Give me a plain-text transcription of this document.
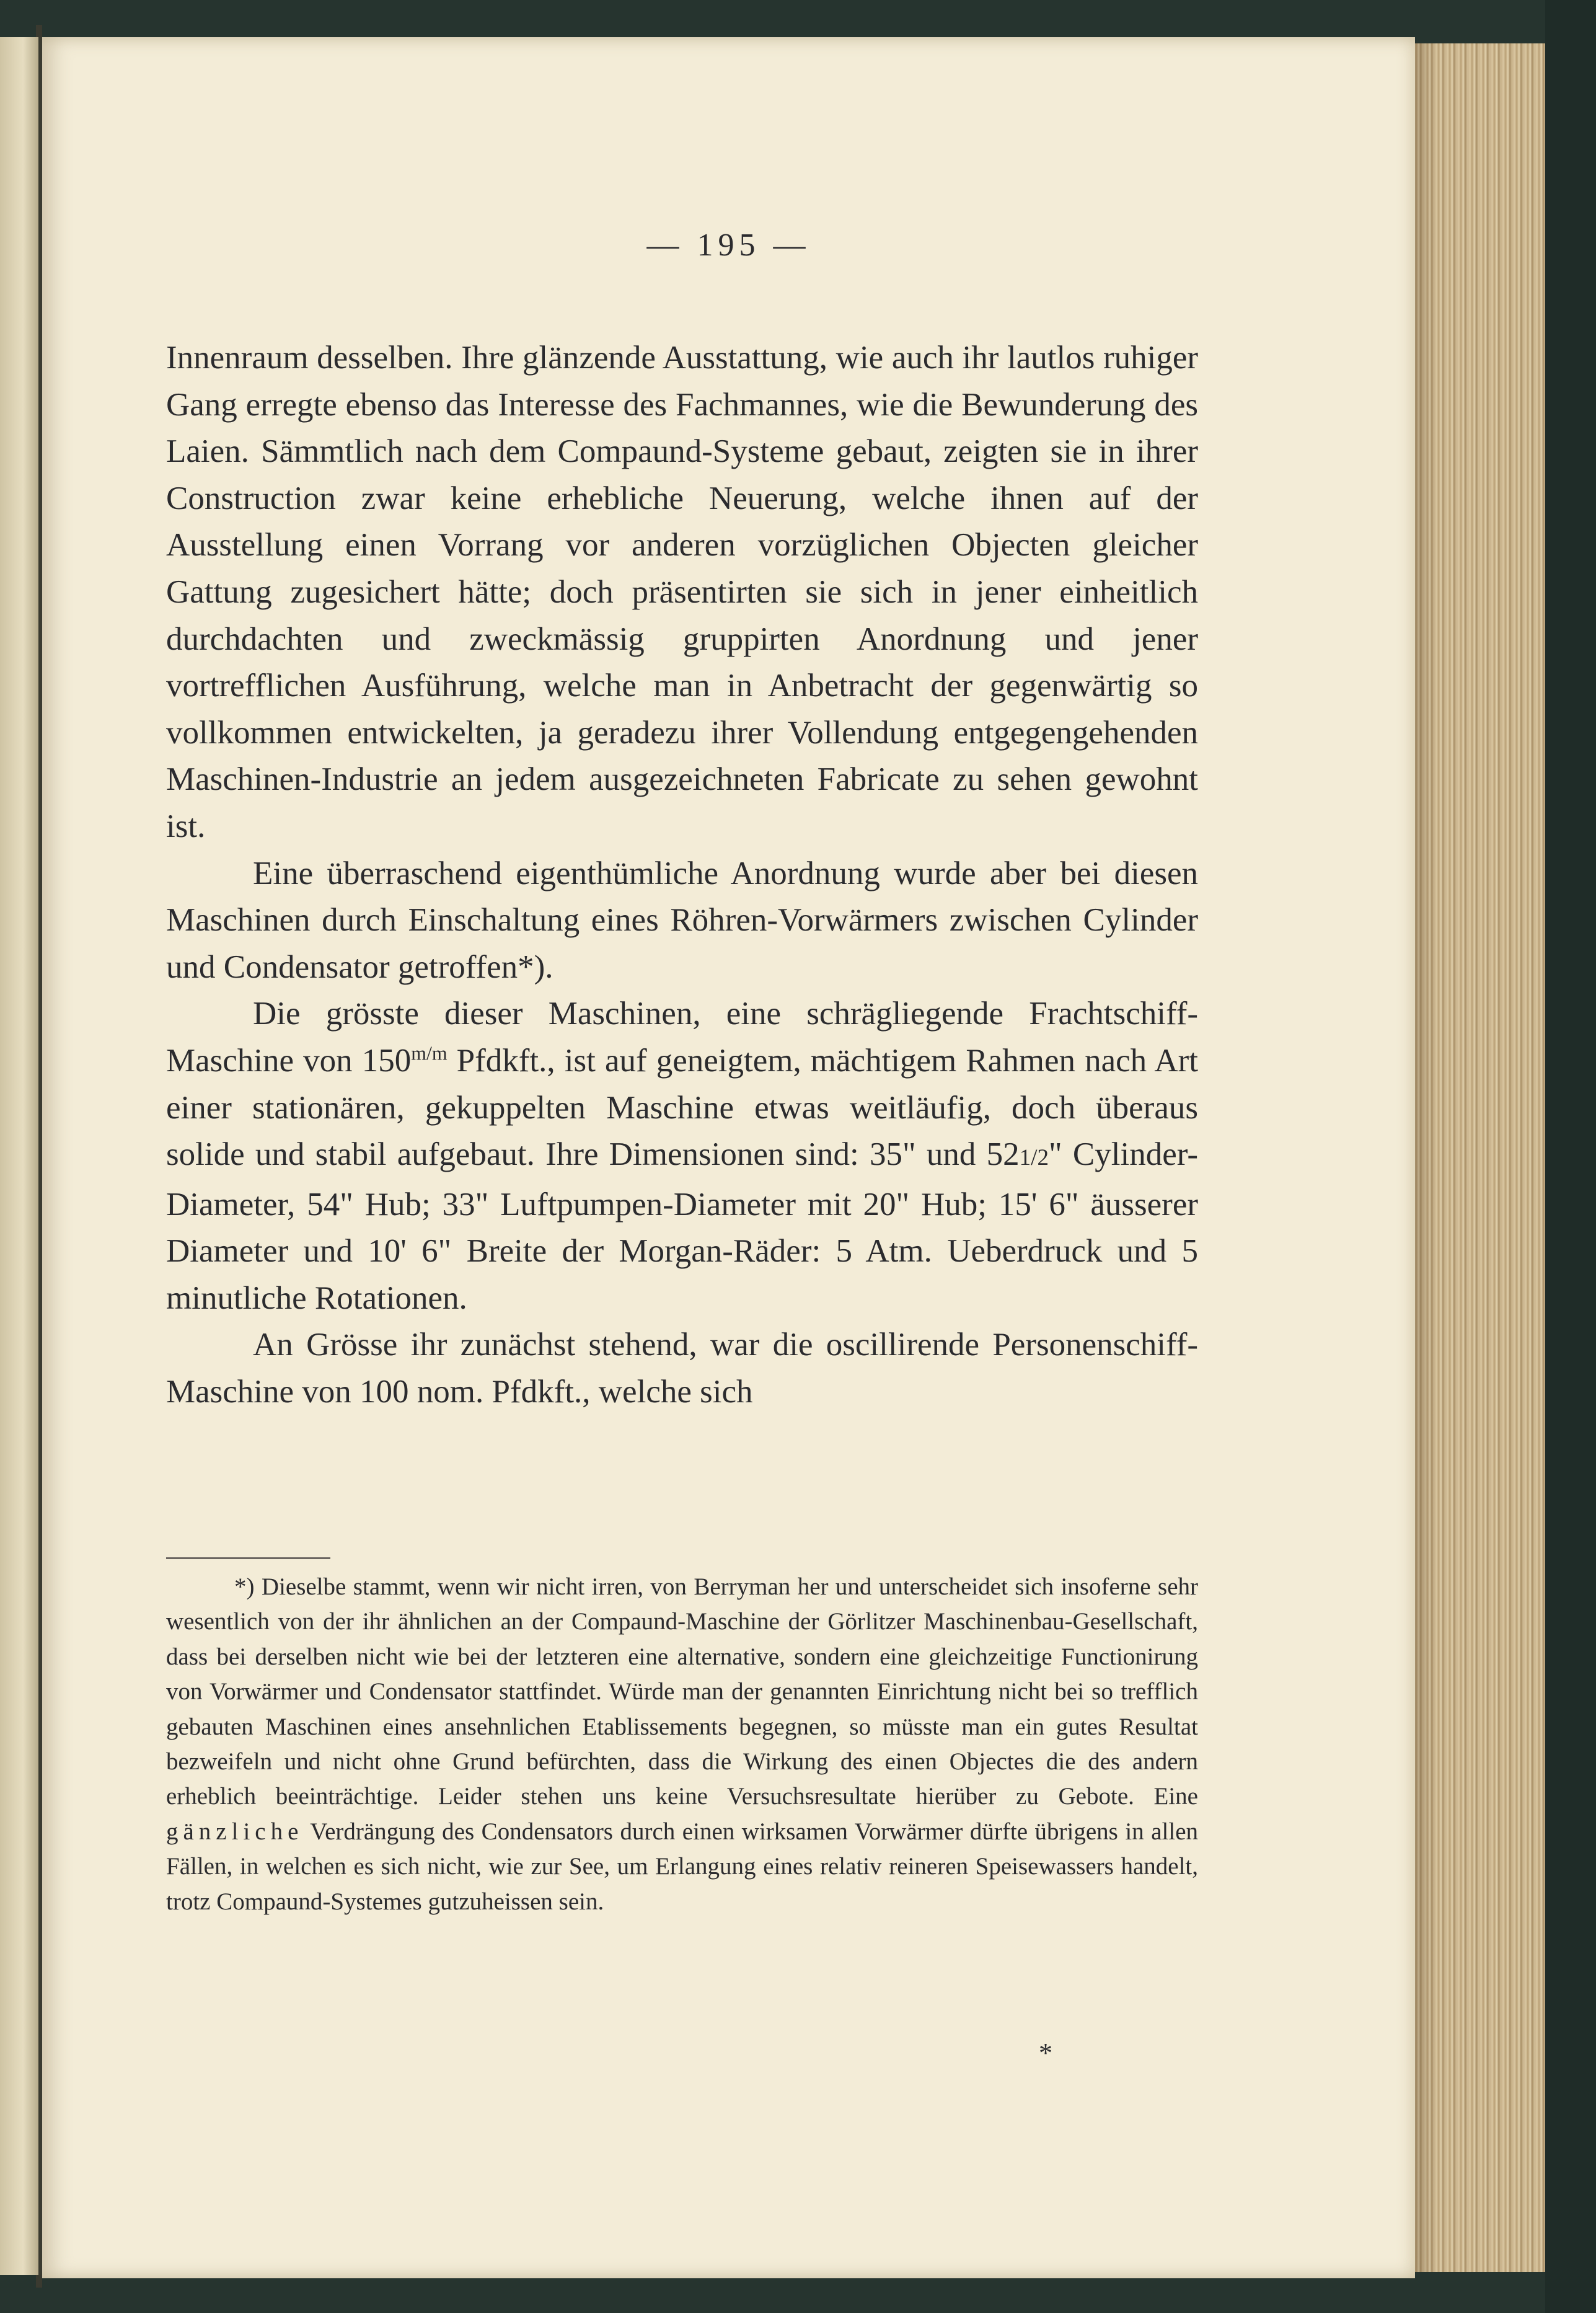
— 195 —

Innenraum desselben. Ihre glänzende Ausstattung, wie auch ihr lautlos ruhiger Gang erregte ebenso das Interesse des Fachmannes, wie die Bewunderung des Laien. Sämmtlich nach dem Compaund-Systeme gebaut, zeigten sie in ihrer Construction zwar keine erhebliche Neuerung, welche ihnen auf der Ausstellung einen Vorrang vor anderen vorzüglichen Objecten gleicher Gattung zugesichert hätte; doch präsentirten sie sich in jener einheitlich durchdachten und zweckmässig gruppirten Anordnung und jener vortrefflichen Ausführung, welche man in Anbetracht der gegenwärtig so vollkommen entwickelten, ja geradezu ihrer Vollendung entgegengehenden Maschinen-Industrie an jedem ausgezeichneten Fabricate zu sehen gewohnt ist.

Eine überraschend eigenthümliche Anordnung wurde aber bei diesen Maschinen durch Einschaltung eines Röhren-Vorwärmers zwischen Cylinder und Condensator getroffen*).

Die grösste dieser Maschinen, eine schrägliegende Frachtschiff-Maschine von $150^{m/m}$ Pfdkft., ist auf geneigtem, mächtigem Rahmen nach Art einer stationären, gekuppelten Maschine etwas weitläufig, doch überaus solide und stabil aufgebaut. Ihre Dimensionen sind: 35" und 521/2" Cylinder-Diameter, 54" Hub; 33" Luftpumpen-Diameter mit 20" Hub; 15' 6" äusserer Diameter und 10' 6" Breite der Morgan-Räder: 5 Atm. Ueberdruck und 5 minutliche Rotationen.

An Grösse ihr zunächst stehend, war die oscillirende Personenschiff-Maschine von 100 nom. Pfdkft., welche sich

*) Dieselbe stammt, wenn wir nicht irren, von Berryman her und unterscheidet sich insoferne sehr wesentlich von der ihr ähnlichen an der Compaund-Maschine der Görlitzer Maschinenbau-Gesellschaft, dass bei derselben nicht wie bei der letzteren eine alternative, sondern eine gleichzeitige Functionirung von Vorwärmer und Condensator stattfindet. Würde man der genannten Einrichtung nicht bei so trefflich gebauten Maschinen eines ansehnlichen Etablissements begegnen, so müsste man ein gutes Resultat bezweifeln und nicht ohne Grund befürchten, dass die Wirkung des einen Objectes die des andern erheblich beeinträchtige. Leider stehen uns keine Versuchsresultate hierüber zu Gebote. Eine gänzliche Verdrängung des Condensators durch einen wirksamen Vorwärmer dürfte übrigens in allen Fällen, in welchen es sich nicht, wie zur See, um Erlangung eines relativ reineren Speisewassers handelt, trotz Compaund-Systemes gutzuheissen sein.

*
